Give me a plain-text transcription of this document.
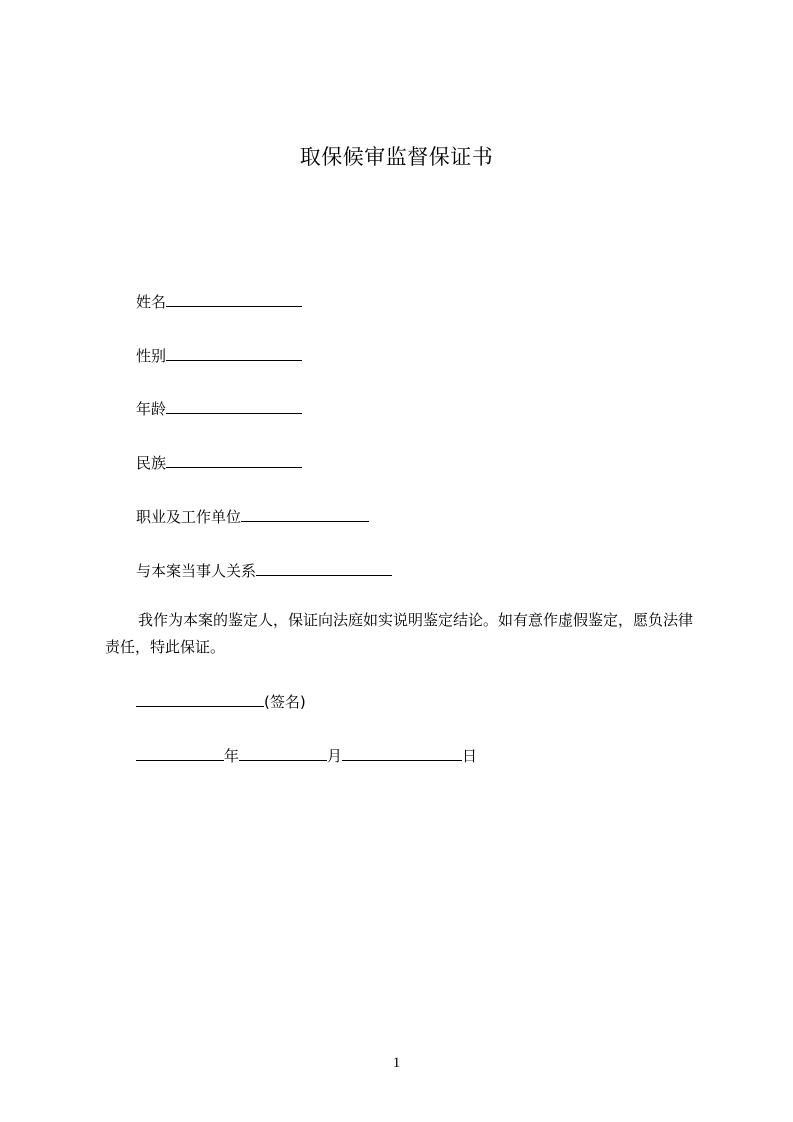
取保候审监督保证书
姓名
性别
年龄
民族
职业及工作单位
与本案当事人关系
我作为本案的鉴定人，保证向法庭如实说明鉴定结论。如有意作虚假鉴定，愿负法律责任，特此保证。
(签名)
年	月	日
1
